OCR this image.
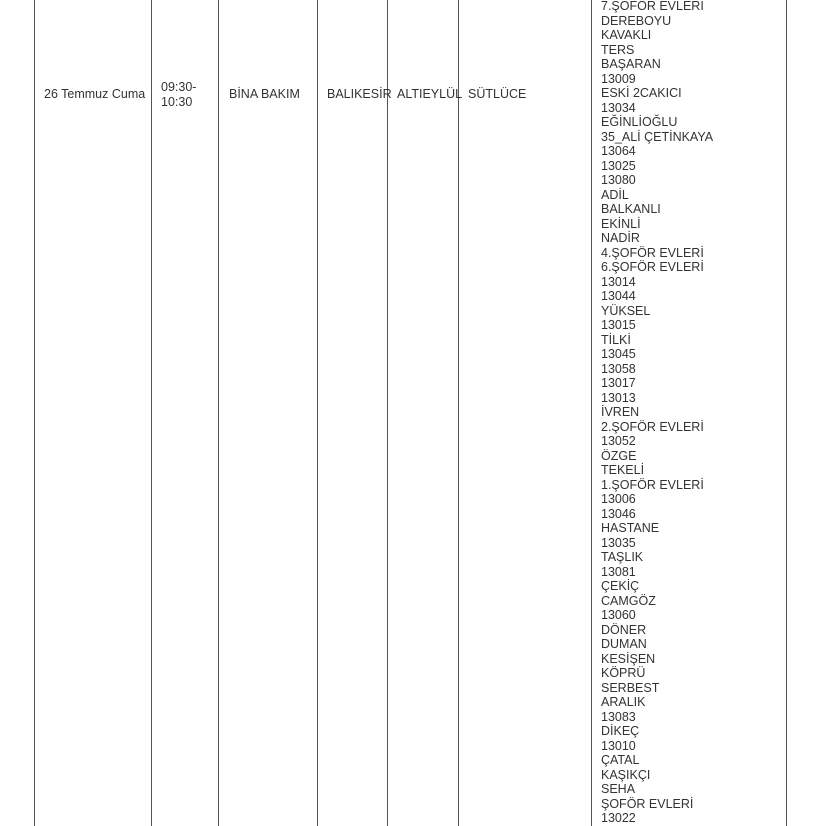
26 Temmuz Cuma 09:30-
10:30
BİNA BAKIM BALIKESİR ALTIEYLÜL SÜTLÜCE
7.ŞOFÖR EVLERİ
DEREBOYU
KAVAKLI
TERS
BAŞARAN
13009
ESKİ 2CAKICI
13034
EĞİNLİOĞLU
35_ALİ ÇETİNKAYA
13064
13025
13080
ADİL
BALKANLI
EKİNLİ
NADİR
4.ŞOFÖR EVLERİ
6.ŞOFÖR EVLERİ
13014
13044
YÜKSEL
13015
TİLKİ
13045
13058
13017
13013
İVREN
2.ŞOFÖR EVLERİ
13052
ÖZGE
TEKELİ
1.ŞOFÖR EVLERİ
13006
13046
HASTANE
13035
TAŞLIK
13081
ÇEKİÇ
CAMGÖZ
13060
DÖNER
DUMAN
KESİŞEN
KÖPRÜ
SERBEST
ARALIK
13083
DİKEÇ
13010
ÇATAL
KAŞIKÇI
SEHA
ŞOFÖR EVLERİ
13022
